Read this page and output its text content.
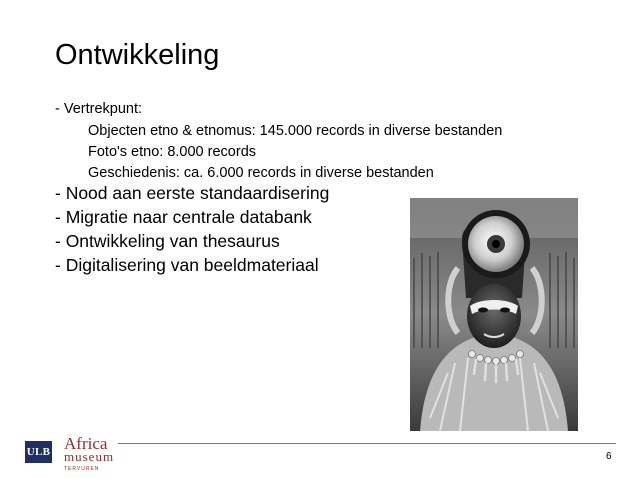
Ontwikkeling
- Vertrekpunt:
Objecten etno & etnomus: 145.000 records in diverse bestanden
Foto's etno: 8.000 records
Geschiedenis: ca. 6.000 records in diverse bestanden
- Nood aan eerste standaardisering
- Migratie naar centrale databank
- Ontwikkeling van thesaurus
- Digitalisering van beeldmateriaal
ULB Africa
museum
TERVUREN
6
